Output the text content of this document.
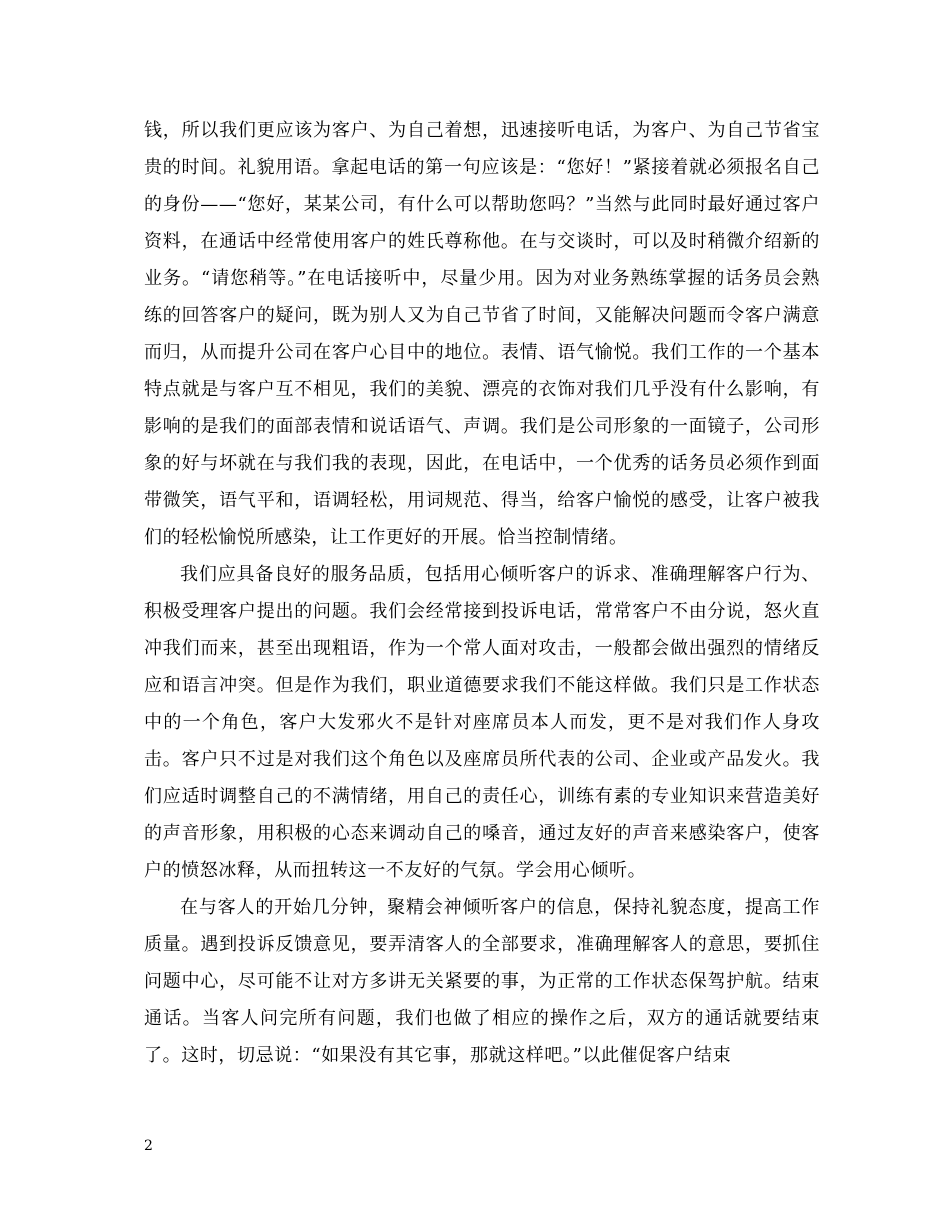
钱，所以我们更应该为客户、为自己着想，迅速接听电话，为客户、为自己节省宝贵的时间。礼貌用语。拿起电话的第一句应该是：“您好！”紧接着就必须报名自己的身份——“您好，某某公司，有什么可以帮助您吗？”当然与此同时最好通过客户资料，在通话中经常使用客户的姓氏尊称他。在与交谈时，可以及时稍微介绍新的业务。“请您稍等。”在电话接听中，尽量少用。因为对业务熟练掌握的话务员会熟练的回答客户的疑问，既为别人又为自己节省了时间，又能解决问题而令客户满意而归，从而提升公司在客户心目中的地位。表情、语气愉悦。我们工作的一个基本特点就是与客户互不相见，我们的美貌、漂亮的衣饰对我们几乎没有什么影响，有影响的是我们的面部表情和说话语气、声调。我们是公司形象的一面镜子，公司形象的好与坏就在与我们我的表现，因此，在电话中，一个优秀的话务员必须作到面带微笑，语气平和，语调轻松，用词规范、得当，给客户愉悦的感受，让客户被我们的轻松愉悦所感染，让工作更好的开展。恰当控制情绪。

我们应具备良好的服务品质，包括用心倾听客户的诉求、准确理解客户行为、积极受理客户提出的问题。我们会经常接到投诉电话，常常客户不由分说，怒火直冲我们而来，甚至出现粗语，作为一个常人面对攻击，一般都会做出强烈的情绪反应和语言冲突。但是作为我们，职业道德要求我们不能这样做。我们只是工作状态中的一个角色，客户大发邪火不是针对座席员本人而发，更不是对我们作人身攻击。客户只不过是对我们这个角色以及座席员所代表的公司、企业或产品发火。我们应适时调整自己的不满情绪，用自己的责任心，训练有素的专业知识来营造美好的声音形象，用积极的心态来调动自己的嗓音，通过友好的声音来感染客户，使客户的愤怒冰释，从而扭转这一不友好的气氛。学会用心倾听。

在与客人的开始几分钟，聚精会神倾听客户的信息，保持礼貌态度，提高工作质量。遇到投诉反馈意见，要弄清客人的全部要求，准确理解客人的意思，要抓住问题中心，尽可能不让对方多讲无关紧要的事，为正常的工作状态保驾护航。结束通话。当客人问完所有问题，我们也做了相应的操作之后，双方的通话就要结束了。这时，切忌说：“如果没有其它事，那就这样吧。”以此催促客户结束

2
